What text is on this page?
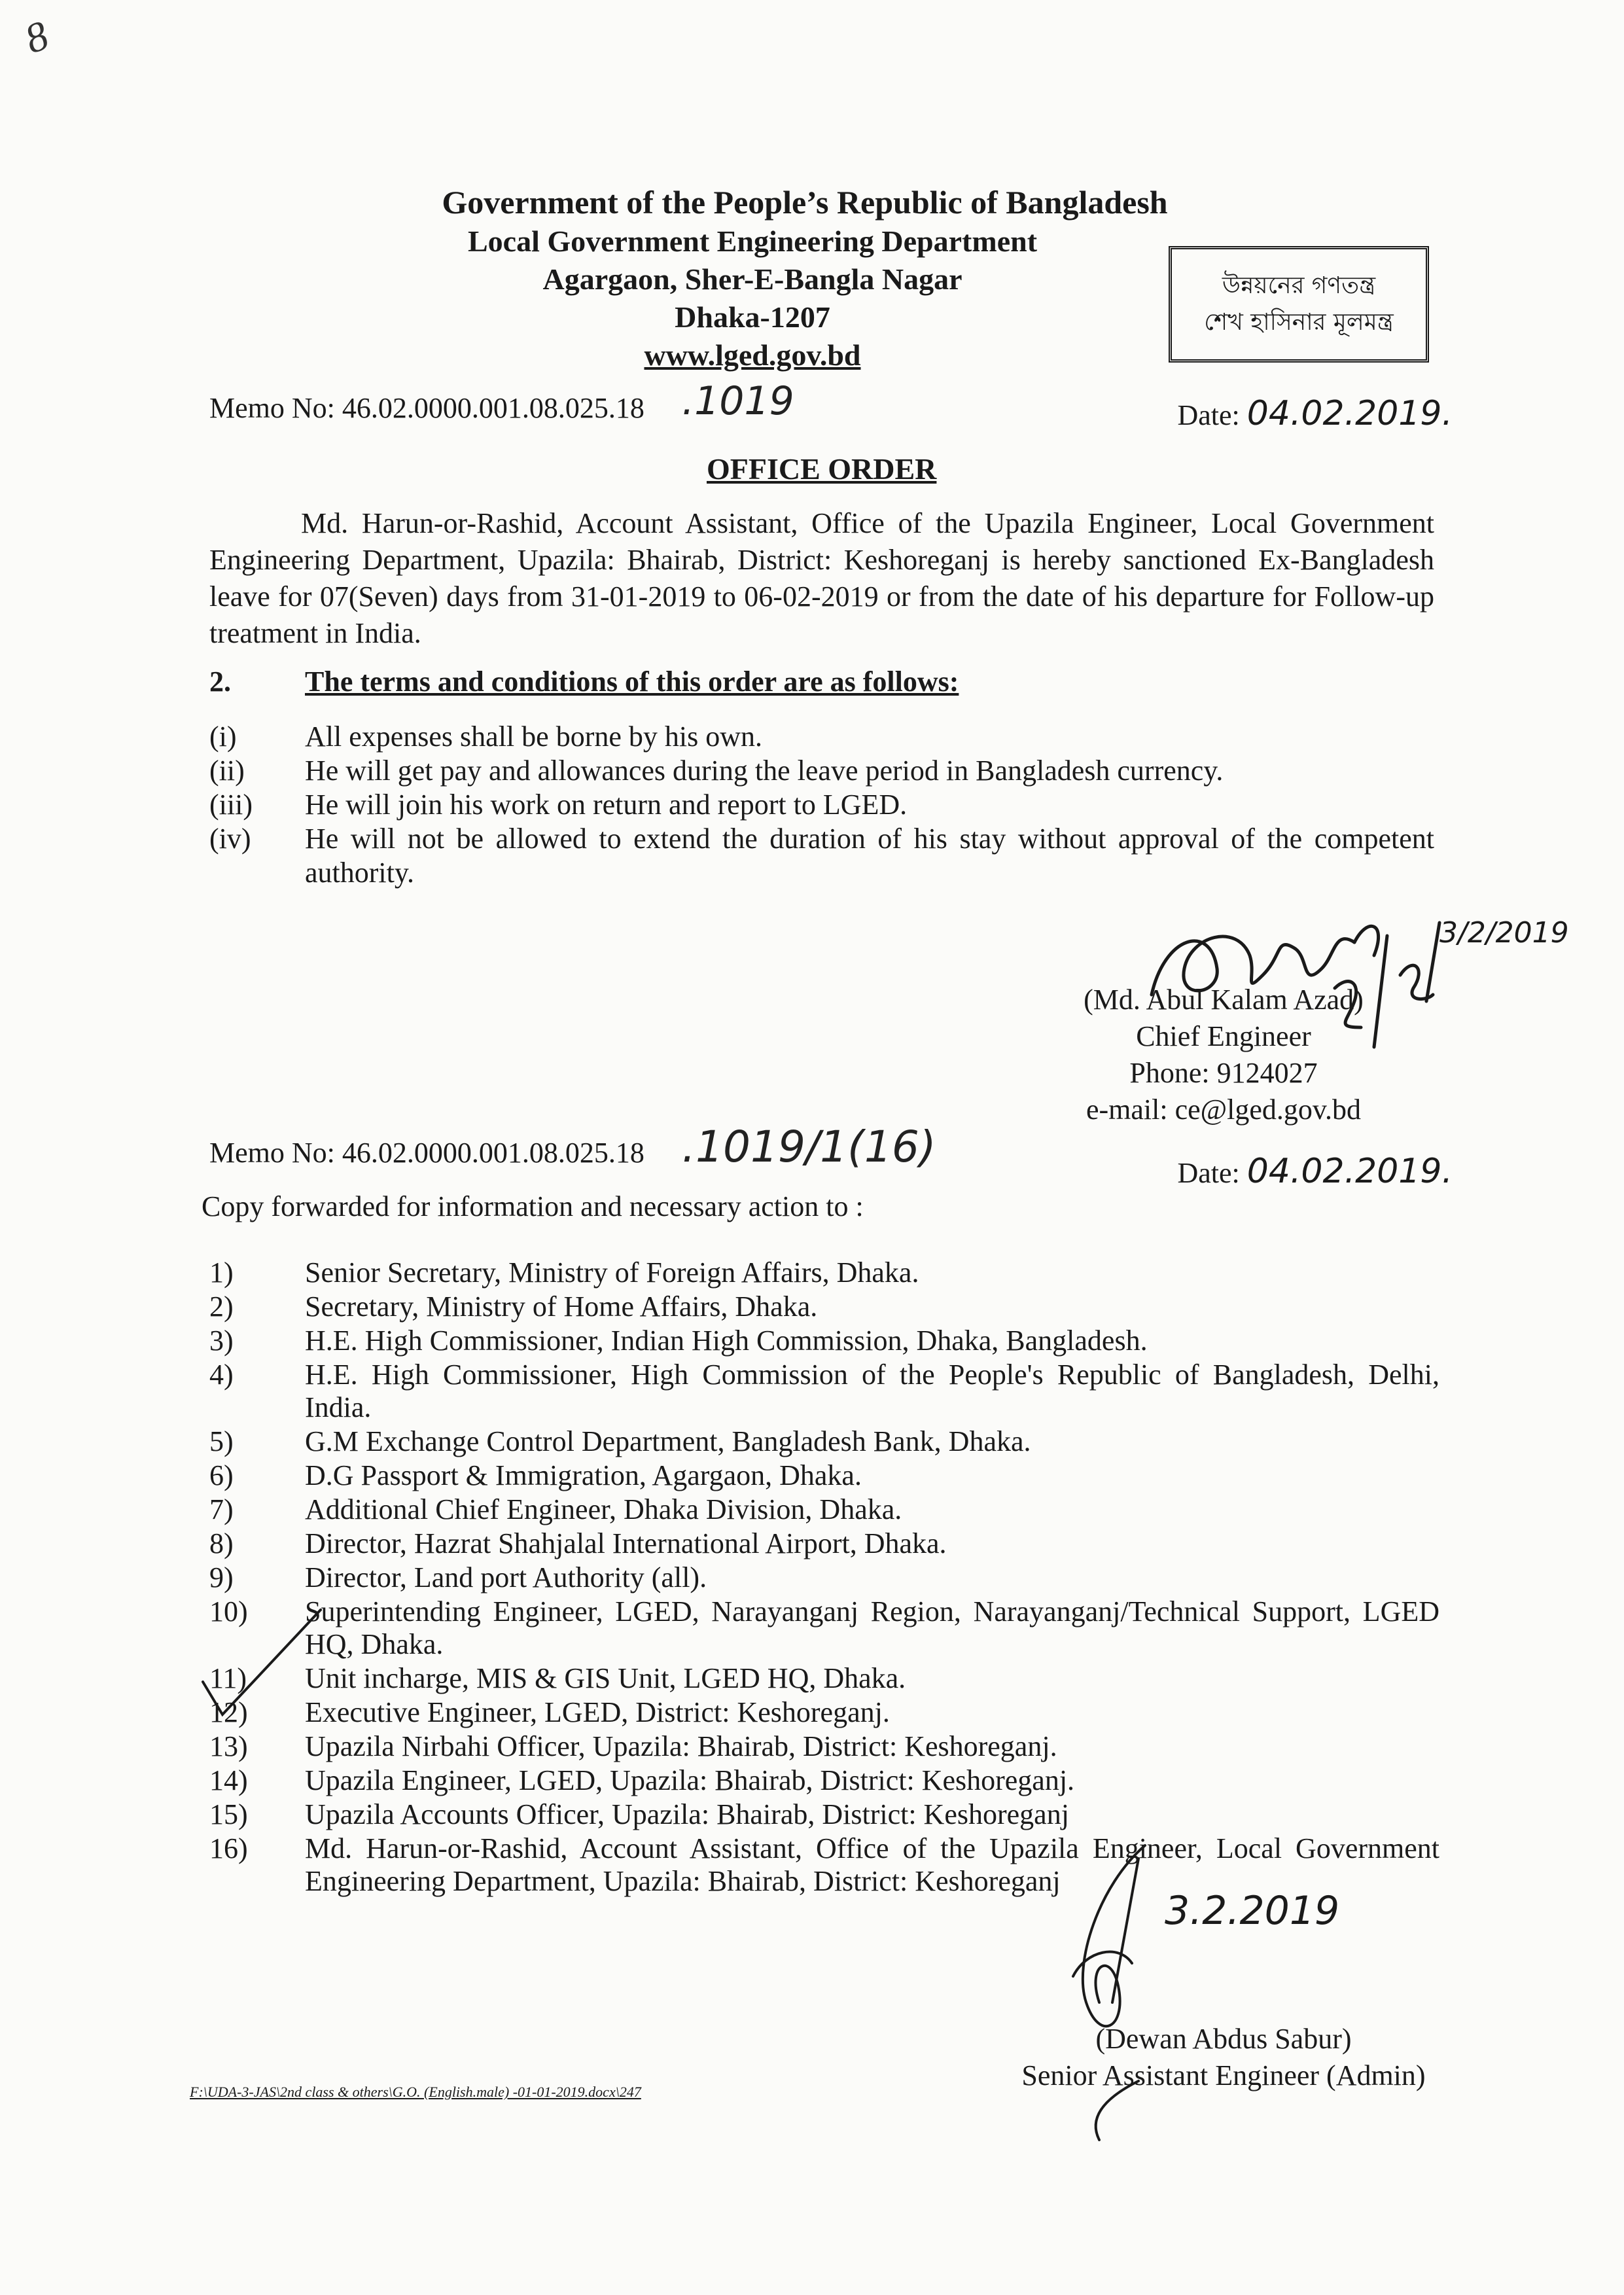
8
Government of the People’s Republic of Bangladesh
Local Government Engineering Department
Agargaon, Sher-E-Bangla Nagar
Dhaka-1207
www.lged.gov.bd
উন্নয়নের গণতন্ত্র
শেখ হাসিনার মূলমন্ত্র
Memo No: 46.02.0000.001.08.025.18 .1019	Date: 04.02.2019.
OFFICE ORDER
Md. Harun-or-Rashid, Account Assistant, Office of the Upazila Engineer, Local Government Engineering Department, Upazila: Bhairab, District: Keshoreganj is hereby sanctioned Ex-Bangladesh leave for 07(Seven) days from 31-01-2019 to 06-02-2019 or from the date of his departure for Follow-up treatment in India.
2.	The terms and conditions of this order are as follows:
(i)	All expenses shall be borne by his own.
(ii)	He will get pay and allowances during the leave period in Bangladesh currency.
(iii)	He will join his work on return and report to LGED.
(iv)	He will not be allowed to extend the duration of his stay without approval of the competent authority.
3/2/2019
(Md. Abul Kalam Azad)
Chief Engineer
Phone: 9124027
e-mail: ce@lged.gov.bd
Memo No: 46.02.0000.001.08.025.18 .1019/1(16)
Date: 04.02.2019.
Copy forwarded for information and necessary action to :
1)	Senior Secretary, Ministry of Foreign Affairs, Dhaka.
2)	Secretary, Ministry of Home Affairs, Dhaka.
3)	H.E. High Commissioner, Indian High Commission, Dhaka, Bangladesh.
4)	H.E. High Commissioner, High Commission of the People's Republic of Bangladesh, Delhi, India.
5)	G.M Exchange Control Department, Bangladesh Bank, Dhaka.
6)	D.G Passport & Immigration, Agargaon, Dhaka.
7)	Additional Chief Engineer, Dhaka Division, Dhaka.
8)	Director, Hazrat Shahjalal International Airport, Dhaka.
9)	Director, Land port Authority (all).
10)	Superintending Engineer, LGED, Narayanganj Region, Narayanganj/Technical Support, LGED HQ, Dhaka.
11)	Unit incharge, MIS & GIS Unit, LGED HQ, Dhaka.
12)	Executive Engineer, LGED, District: Keshoreganj.
13)	Upazila Nirbahi Officer, Upazila: Bhairab, District: Keshoreganj.
14)	Upazila Engineer, LGED, Upazila: Bhairab, District: Keshoreganj.
15)	Upazila Accounts Officer, Upazila: Bhairab, District: Keshoreganj
16)	Md. Harun-or-Rashid, Account Assistant, Office of the Upazila Engineer, Local Government Engineering Department, Upazila: Bhairab, District: Keshoreganj
3.2.2019
(Dewan Abdus Sabur)
Senior Assistant Engineer (Admin)
F:\UDA-3-JAS\2nd class & others\G.O. (English.male) -01-01-2019.docx\247
